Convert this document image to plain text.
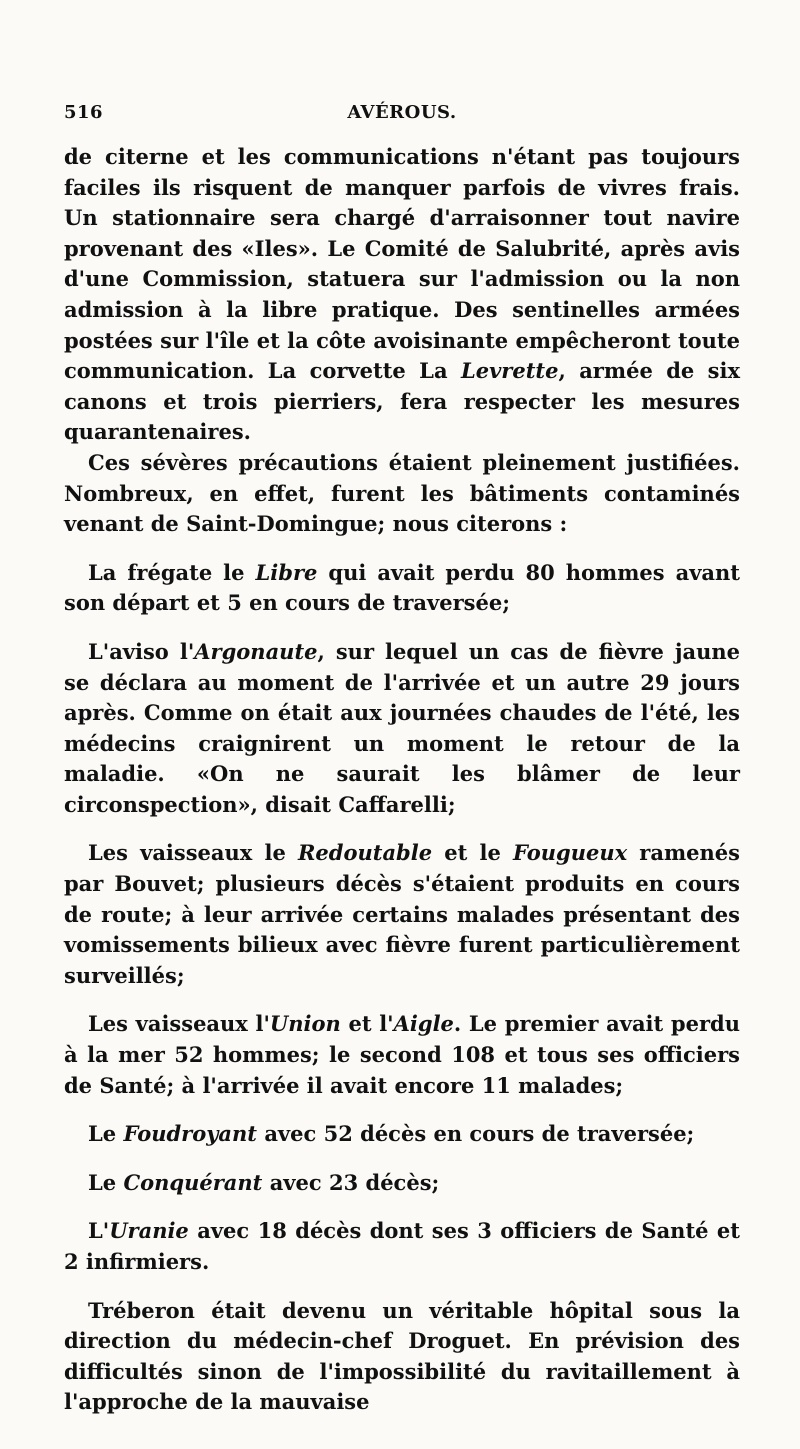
516	AVÉROUS.

de citerne et les communications n'étant pas toujours faciles ils risquent de manquer parfois de vivres frais. Un stationnaire sera chargé d'arraisonner tout navire provenant des «Iles». Le Comité de Salubrité, après avis d'une Commission, statuera sur l'admission ou la non admission à la libre pratique. Des sentinelles armées postées sur l'île et la côte avoisinante empêcheront toute communication. La corvette La Levrette, armée de six canons et trois pierriers, fera respecter les mesures quarantenaires.

Ces sévères précautions étaient pleinement justifiées. Nombreux, en effet, furent les bâtiments contaminés venant de Saint-Domingue; nous citerons :

La frégate le Libre qui avait perdu 80 hommes avant son départ et 5 en cours de traversée;

L'aviso l'Argonaute, sur lequel un cas de fièvre jaune se déclara au moment de l'arrivée et un autre 29 jours après. Comme on était aux journées chaudes de l'été, les médecins craignirent un moment le retour de la maladie. «On ne saurait les blâmer de leur circonspection», disait Caffarelli;

Les vaisseaux le Redoutable et le Fougueux ramenés par Bouvet; plusieurs décès s'étaient produits en cours de route; à leur arrivée certains malades présentant des vomissements bilieux avec fièvre furent particulièrement surveillés;

Les vaisseaux l'Union et l'Aigle. Le premier avait perdu à la mer 52 hommes; le second 108 et tous ses officiers de Santé; à l'arrivée il avait encore 11 malades;

Le Foudroyant avec 52 décès en cours de traversée;

Le Conquérant avec 23 décès;

L'Uranie avec 18 décès dont ses 3 officiers de Santé et 2 infirmiers.

Tréberon était devenu un véritable hôpital sous la direction du médecin-chef Droguet. En prévision des difficultés sinon de l'impossibilité du ravitaillement à l'approche de la mauvaise
